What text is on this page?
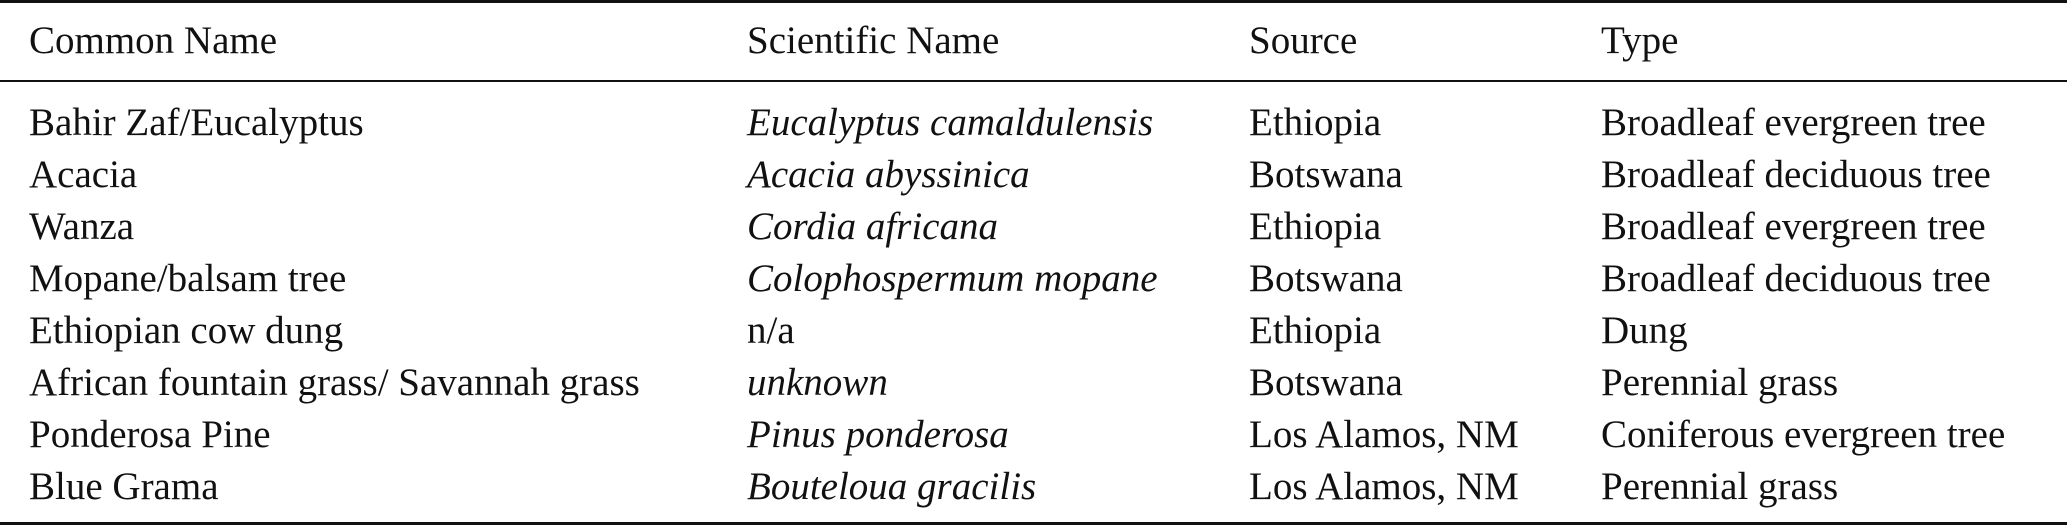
Common Name	Scientific Name	Source	Type
Bahir Zaf/Eucalyptus	Eucalyptus camaldulensis	Ethiopia	Broadleaf evergreen tree
Acacia	Acacia abyssinica	Botswana	Broadleaf deciduous tree
Wanza	Cordia africana	Ethiopia	Broadleaf evergreen tree
Mopane/balsam tree	Colophospermum mopane	Botswana	Broadleaf deciduous tree
Ethiopian cow dung	n/a	Ethiopia	Dung
African fountain grass/ Savannah grass	unknown	Botswana	Perennial grass
Ponderosa Pine	Pinus ponderosa	Los Alamos, NM	Coniferous evergreen tree
Blue Grama	Bouteloua gracilis	Los Alamos, NM	Perennial grass
